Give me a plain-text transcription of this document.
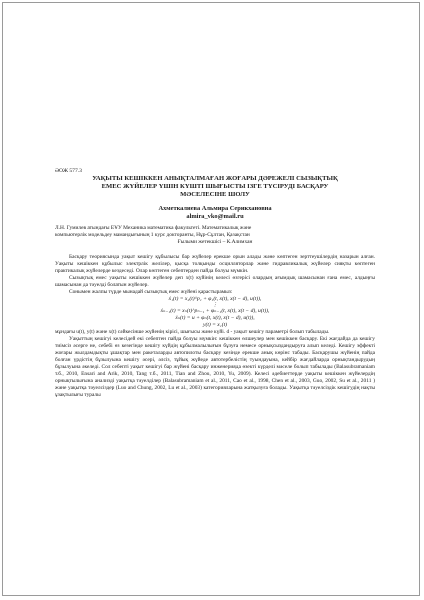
ӘОЖ 577.3

УАҚЫТЫ КЕШІККЕН АНЫҚТАЛМАҒАН ЖОҒАРЫ ДӘРЕЖЕЛІ СЫЗЫҚТЫҚ

ЕМЕС ЖҮЙЕЛЕР ҮШІН КҮШТІ ШЫҒЫСТЫ ІЗГЕ ТҮСІРУДІ БАСҚАРУ

МӘСЕЛЕСІНЕ ШОЛУ

Ахметкалиева Альмира Серикхановна

almira_vko@mail.ru

Л.Н. Гумилев атындағы ЕҰУ Механика математика факультеті. Математикалық және
компьютерлік модельдеу мамандығының 1 курс докторанты, Нұр-Сұлтан, Қазақстан
Ғылыми жетекшісі – К.Алимхан

Басқару теориясында уақыт кешігу құбылысы бар жүйелер ерекше орын алады және көптеген зерттеушілердің назарын алған. Уақыты кешіккен құбылыс электрлік желілер, қысқа толқынды осцилляторлар және гидравликалық жүйелер сияқты көптеген практикалық жүйелерде кездеседі. Олар көптеген себептерден пайда болуы мүмкін.

Сызықтық емес уақыты кешіккен жүйелер деп x(t) күйінің келесі өзгерісі олардың ағымдық шамасынан ғана емес, алдыңғы шамасынан да тәуелді болатын жүйелер.

Сонымен жалпы түрде мынадай сызықтық емес жүйені қарастырамыз:

ẋ₁(t) = x₂(t)^p₁ + φ₁(t, x(t), x(t − d), u(t)),
⋮
ẋₙ₋₁(t) = xₙ(t)^pₙ₋₁ + φₙ₋₁(t, x(t), x(t − d), u(t)),
ẋₙ(t) = u + φₙ(t, x(t), x(t − d), u(t)),
y(t) = x₁(t)

мұндағы u(t), y(t) және x(t) сәйкесінше жүйенің кірісі, шығысы және күйі. d - уақыт кешігу параметрі болып табылады.

Уақыттың кешігуі келесідей екі себептен пайда болуы мүмкін: кешіккен өлшеулер мен кешіккен басқару. Екі жағдайда да кешігу тиімсіз әсерге не, себебі өз кезегінде кешігу күйдің құбылмалылығын бұзуға немесе орнықсыздандыруға алып келеді. Кешігу эффекті жоғары жылдамдықты ұшақтар мен ракеталарды автопилоты басқару кезінде ерекше анық көрінс табады. Басқарушы жүйенің пайда болған үрдістің бұзылуына кешігу әсері, әлсіз, тұйық жүйеде автотербелістің туындауына, кейбір жағдайларда орнықтандырудың бұзылуына әкеледі. Сол себепті уақыт кешігуі бар жүйені басқару инженерияда өзекті күрделі мәселе болып табылады (Balasubramaniam т.б., 2010, Ensari and Arik, 2010, Tang т.б., 2011, Tian and Zhou, 2010, Yu, 2009). Келесі әдебиеттерде уақыты кешіккен жүйелердің орнықтылығына анализді уақытқа тәуелділер (Balasubramaniam et al., 2011, Cao et al., 1998, Chen et al., 2003, Guo, 2002, Su et al., 2011 ) және уақытқа тәуелсіздер (Luo and Chung, 2002, Lu et al., 2003) категорияларына жатқызуға болады. Уақытқа тәуелсіздік кешігудің нақты ұзақтылығы туралы
